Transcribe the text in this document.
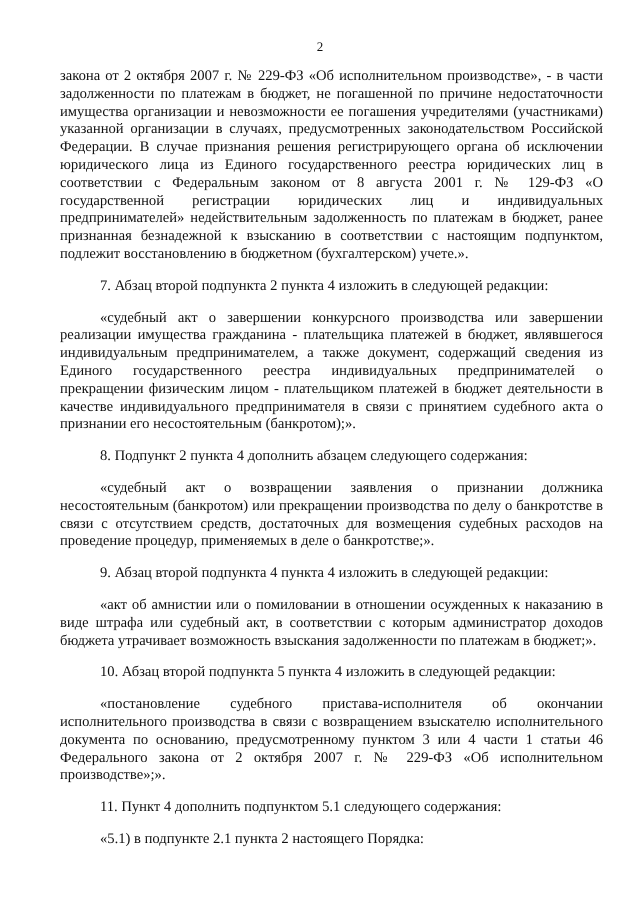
2

закона от 2 октября 2007 г. № 229-ФЗ «Об исполнительном производстве», - в части задолженности по платежам в бюджет, не погашенной по причине недостаточности имущества организации и невозможности ее погашения учредителями (участниками) указанной организации в случаях, предусмотренных законодательством Российской Федерации. В случае признания решения регистрирующего органа об исключении юридического лица из Единого государственного реестра юридических лиц в соответствии с Федеральным законом от 8 августа 2001 г. № 129-ФЗ «О государственной регистрации юридических лиц и индивидуальных предпринимателей» недействительным задолженность по платежам в бюджет, ранее признанная безнадежной к взысканию в соответствии с настоящим подпунктом, подлежит восстановлению в бюджетном (бухгалтерском) учете.».

7. Абзац второй подпункта 2 пункта 4 изложить в следующей редакции:

«судебный акт о завершении конкурсного производства или завершении реализации имущества гражданина - плательщика платежей в бюджет, являвшегося индивидуальным предпринимателем, а также документ, содержащий сведения из Единого государственного реестра индивидуальных предпринимателей о прекращении физическим лицом - плательщиком платежей в бюджет деятельности в качестве индивидуального предпринимателя в связи с принятием судебного акта о признании его несостоятельным (банкротом);».

8. Подпункт 2 пункта 4 дополнить абзацем следующего содержания:

«судебный акт о возвращении заявления о признании должника несостоятельным (банкротом) или прекращении производства по делу о банкротстве в связи с отсутствием средств, достаточных для возмещения судебных расходов на проведение процедур, применяемых в деле о банкротстве;».

9. Абзац второй подпункта 4 пункта 4 изложить в следующей редакции:

«акт об амнистии или о помиловании в отношении осужденных к наказанию в виде штрафа или судебный акт, в соответствии с которым администратор доходов бюджета утрачивает возможность взыскания задолженности по платежам в бюджет;».

10. Абзац второй подпункта 5 пункта 4 изложить в следующей редакции:

«постановление судебного пристава-исполнителя об окончании исполнительного производства в связи с возвращением взыскателю исполнительного документа по основанию, предусмотренному пунктом 3 или 4 части 1 статьи 46 Федерального закона от 2 октября 2007 г. № 229-ФЗ «Об исполнительном производстве»;».

11. Пункт 4 дополнить подпунктом 5.1 следующего содержания:

«5.1) в подпункте 2.1 пункта 2 настоящего Порядка:
